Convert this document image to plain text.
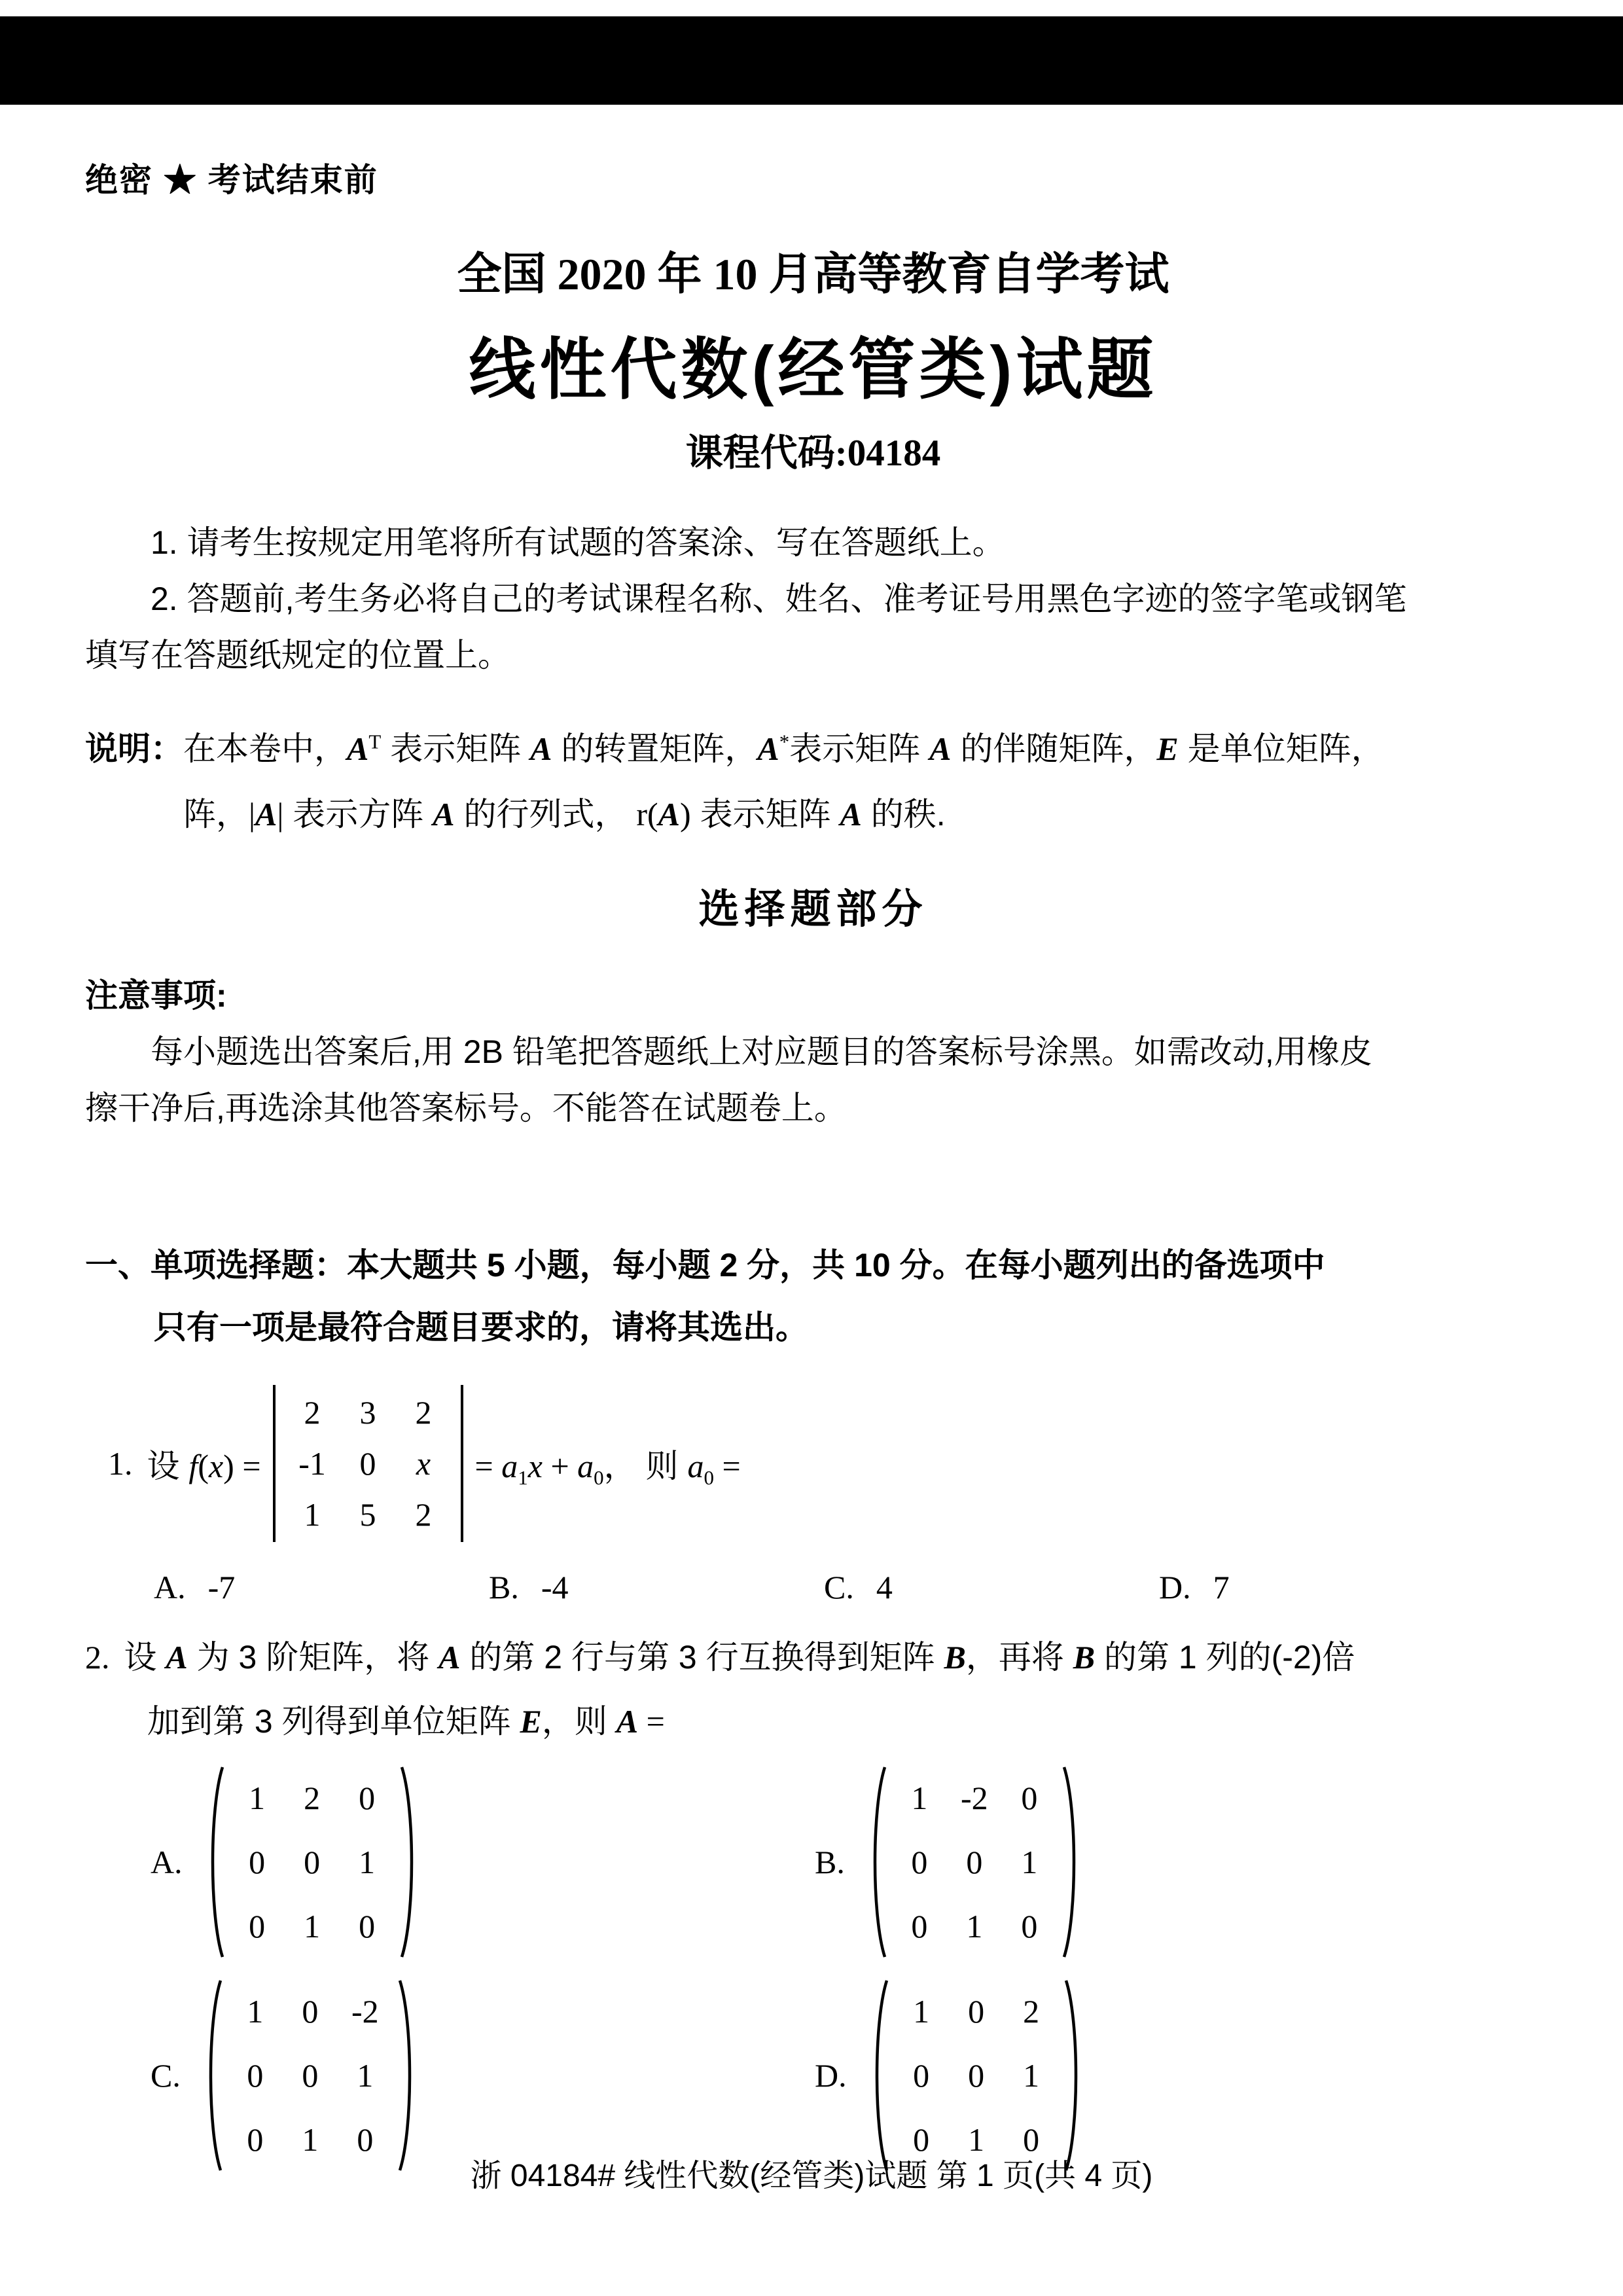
绝密 ★ 考试结束前
全国 2020 年 10 月高等教育自学考试
线性代数(经管类)试题
课程代码:04184
1. 请考生按规定用笔将所有试题的答案涂、写在答题纸上。
2. 答题前,考生务必将自己的考试课程名称、姓名、准考证号用黑色字迹的签字笔或钢笔
填写在答题纸规定的位置上。
说明： 在本卷中，$A^T$ 表示矩阵 A 的转置矩阵，A*表示矩阵 A 的伴随矩阵，E 是单位矩阵，
阵，|A| 表示方阵 A 的行列式， r(A) 表示矩阵 A 的秩.
选择题部分
注意事项:
每小题选出答案后,用 2B 铅笔把答题纸上对应题目的答案标号涂黑。如需改动,用橡皮
擦干净后,再选涂其他答案标号。不能答在试题卷上。
一、单项选择题：本大题共 5 小题，每小题 2 分，共 10 分。在每小题列出的备选项中
只有一项是最符合题目要求的，请将其选出。
1. 设 f(x) =
2	3	2
-1	0	x
1	5	2
= $a_1x + a_0$， 则 $a_0$ =
A. -7	B. -4	C. 4	D. 7
2. 设 A 为 3 阶矩阵，将 A 的第 2 行与第 3 行互换得到矩阵 B，再将 B 的第 1 列的(-2)倍
加到第 3 列得到单位矩阵 E，则 A =
A.
1	2	0
0	0	1
0	1	0
B.
1	-2	0
0	0	1
0	1	0
C.
1	0	-2
0	0	1
0	1	0
D.
1	0	2
0	0	1
0	1	0
浙 04184# 线性代数(经管类)试题 第 1 页(共 4 页)
